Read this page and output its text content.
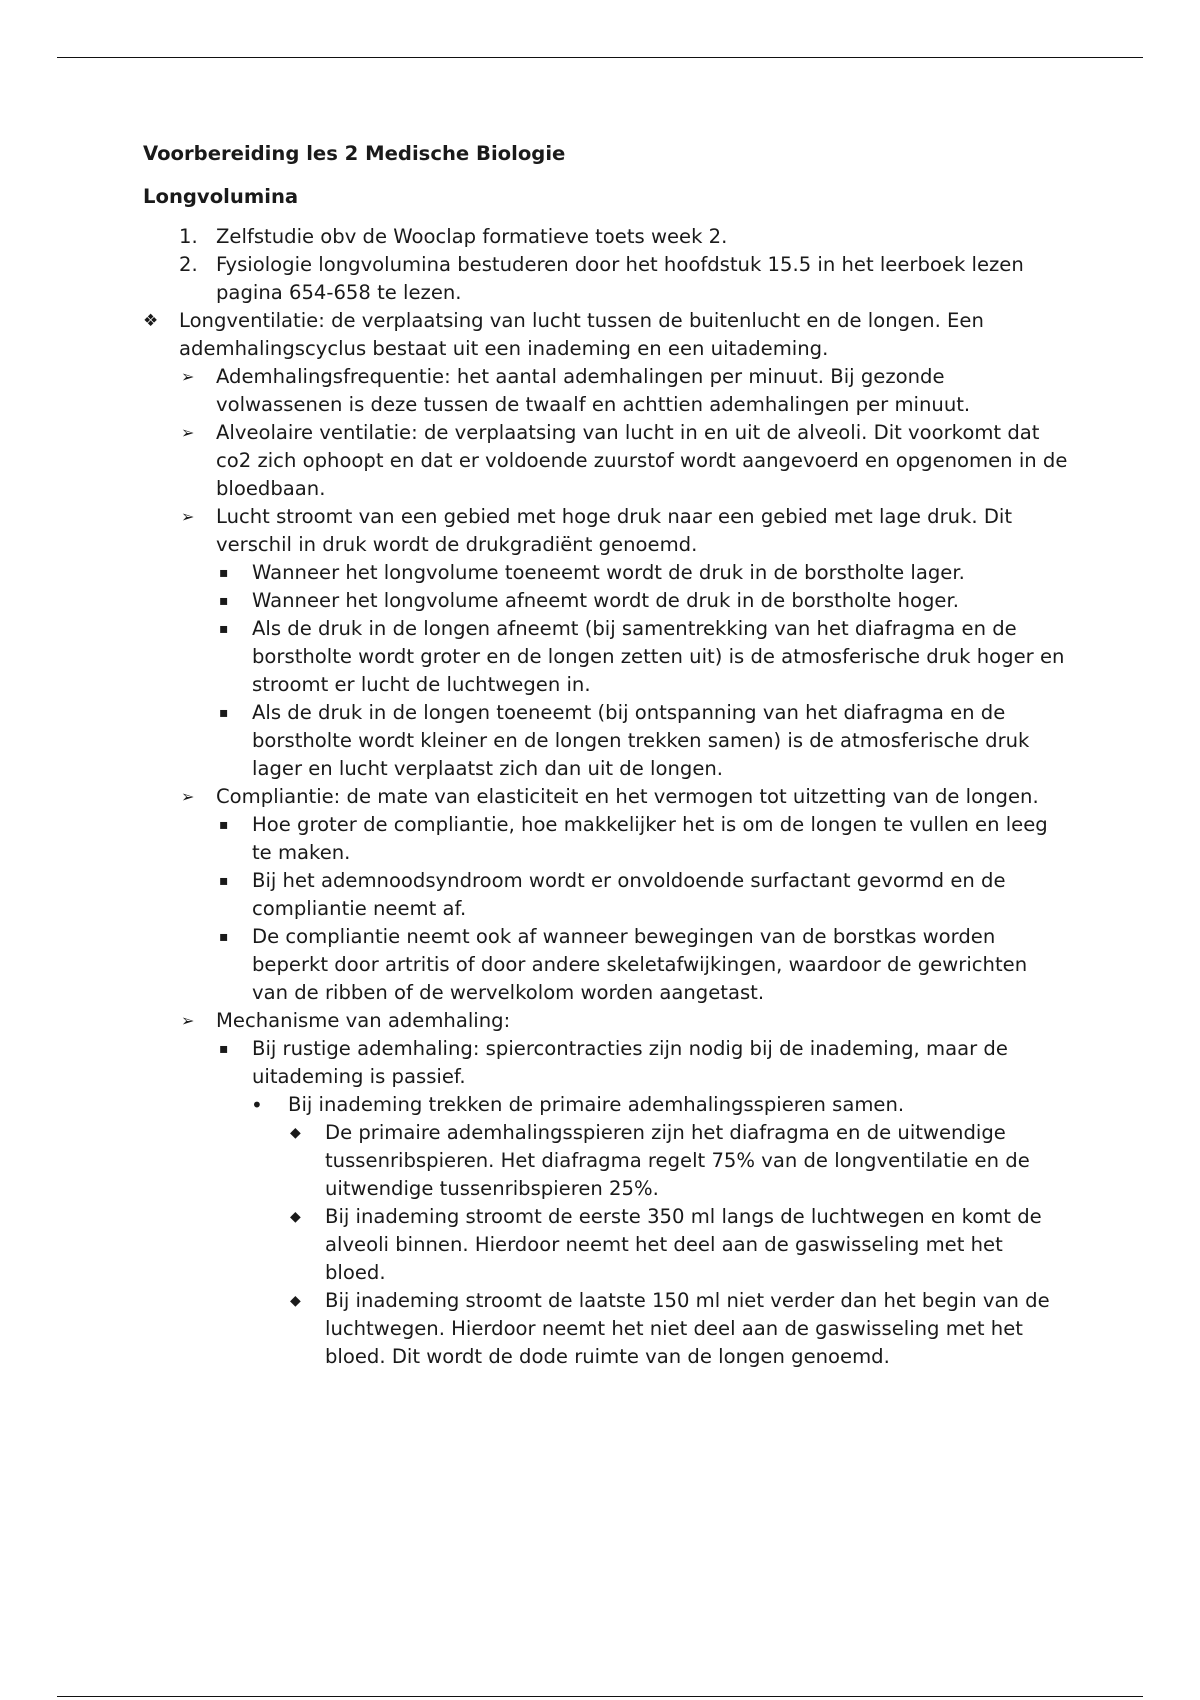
Voorbereiding les 2 Medische Biologie

Longvolumina

1. Zelfstudie obv de Wooclap formatieve toets week 2.
2. Fysiologie longvolumina bestuderen door het hoofdstuk 15.5 in het leerboek lezen pagina 654-658 te lezen.
❖ Longventilatie: de verplaatsing van lucht tussen de buitenlucht en de longen. Een ademhalingscyclus bestaat uit een inademing en een uitademing.
➢ Ademhalingsfrequentie: het aantal ademhalingen per minuut. Bij gezonde volwassenen is deze tussen de twaalf en achttien ademhalingen per minuut.
➢ Alveolaire ventilatie: de verplaatsing van lucht in en uit de alveoli. Dit voorkomt dat co2 zich ophoopt en dat er voldoende zuurstof wordt aangevoerd en opgenomen in de bloedbaan.
➢ Lucht stroomt van een gebied met hoge druk naar een gebied met lage druk. Dit verschil in druk wordt de drukgradiënt genoemd.
▪ Wanneer het longvolume toeneemt wordt de druk in de borstholte lager.
▪ Wanneer het longvolume afneemt wordt de druk in de borstholte hoger.
▪ Als de druk in de longen afneemt (bij samentrekking van het diafragma en de borstholte wordt groter en de longen zetten uit) is de atmosferische druk hoger en stroomt er lucht de luchtwegen in.
▪ Als de druk in de longen toeneemt (bij ontspanning van het diafragma en de borstholte wordt kleiner en de longen trekken samen) is de atmosferische druk lager en lucht verplaatst zich dan uit de longen.
➢ Compliantie: de mate van elasticiteit en het vermogen tot uitzetting van de longen.
▪ Hoe groter de compliantie, hoe makkelijker het is om de longen te vullen en leeg te maken.
▪ Bij het ademnoodsyndroom wordt er onvoldoende surfactant gevormd en de compliantie neemt af.
▪ De compliantie neemt ook af wanneer bewegingen van de borstkas worden beperkt door artritis of door andere skeletafwijkingen, waardoor de gewrichten van de ribben of de wervelkolom worden aangetast.
➢ Mechanisme van ademhaling:
▪ Bij rustige ademhaling: spiercontracties zijn nodig bij de inademing, maar de uitademing is passief.
• Bij inademing trekken de primaire ademhalingsspieren samen.
◆ De primaire ademhalingsspieren zijn het diafragma en de uitwendige tussenribspieren. Het diafragma regelt 75% van de longventilatie en de uitwendige tussenribspieren 25%.
◆ Bij inademing stroomt de eerste 350 ml langs de luchtwegen en komt de alveoli binnen. Hierdoor neemt het deel aan de gaswisseling met het bloed.
◆ Bij inademing stroomt de laatste 150 ml niet verder dan het begin van de luchtwegen. Hierdoor neemt het niet deel aan de gaswisseling met het bloed. Dit wordt de dode ruimte van de longen genoemd.
